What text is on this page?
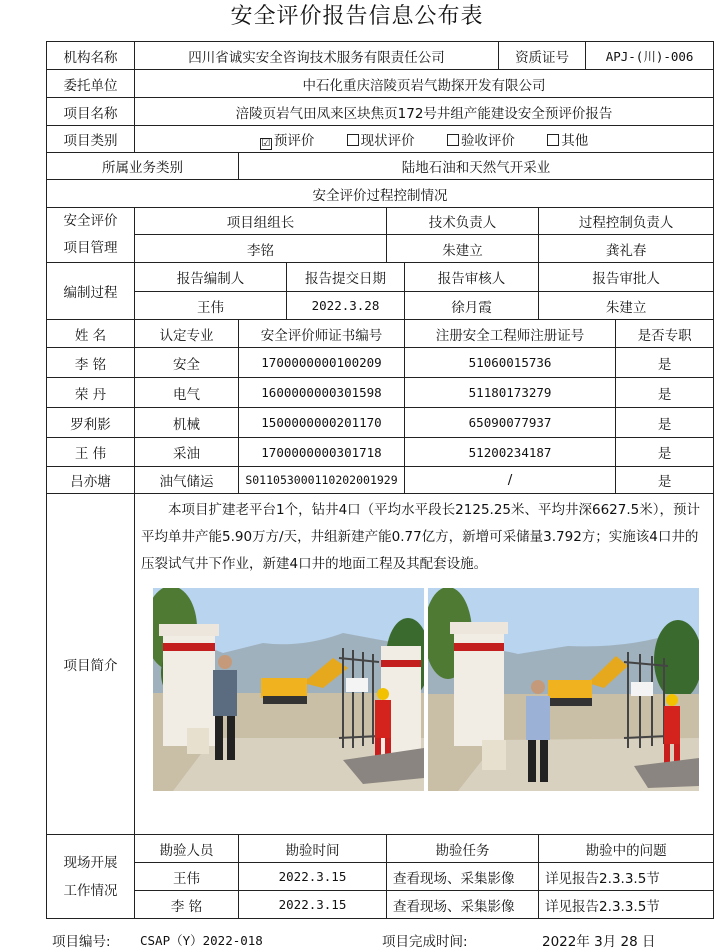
安全评价报告信息公布表
机构名称	四川省诚实安全咨询技术服务有限责任公司					资质证号		APJ-(川)-006	
委托单位	中石化重庆涪陵页岩气勘探开发有限公司								
项目名称	涪陵页岩气田凤来区块焦页172号井组产能建设安全预评价报告								
项目类别	☑ 预评价 现状评价 验收评价 其他								
所属业务类别		陆地石油和天然气开采业							
安全评价过程控制情况									

安全评价
项目管理	项目组组长			技术负责人			过程控制负责人		
	李铭			朱建立			龚礼春		
编制过程	报告编制人		报告提交日期		报告审核人		报告审批人		
	王伟		2022.3.28		徐月霞		朱建立		
姓 名	认定专业	安全评价师证书编号			注册安全工程师注册证号				是否专职
李 铭	安全	1700000000100209			51060015736				是
荣 丹	电气	1600000000301598			51180173279				是
罗利影	机械	1500000000201170			65090077937				是
王 伟	采油	1700000000301718			51200234187				是
吕亦塘	油气储运	S011053000110202001929			/				是
项目简介	本项目扩建老平台1个，钻井4口（平均水平段长2125.25米、平均井深6627.5米），预计平均单井产能5.90万方/天，井组新建产能0.77亿方，新增可采储量3.792方；实施该4口井的压裂试气井下作业，新建4口井的地面工程及其配套设施。								

现场开展
工作情况	勘验人员	勘验时间		勘验任务			勘验中的问题		
	王伟	2022.3.15		查看现场、采集影像			详见报告2.3.3.5节		
	李 铭	2022.3.15		查看现场、采集影像			详见报告2.3.3.5节		
项目编号: CSAP（Y）2022-018	项目完成时间:	2022年 3月 28 日
